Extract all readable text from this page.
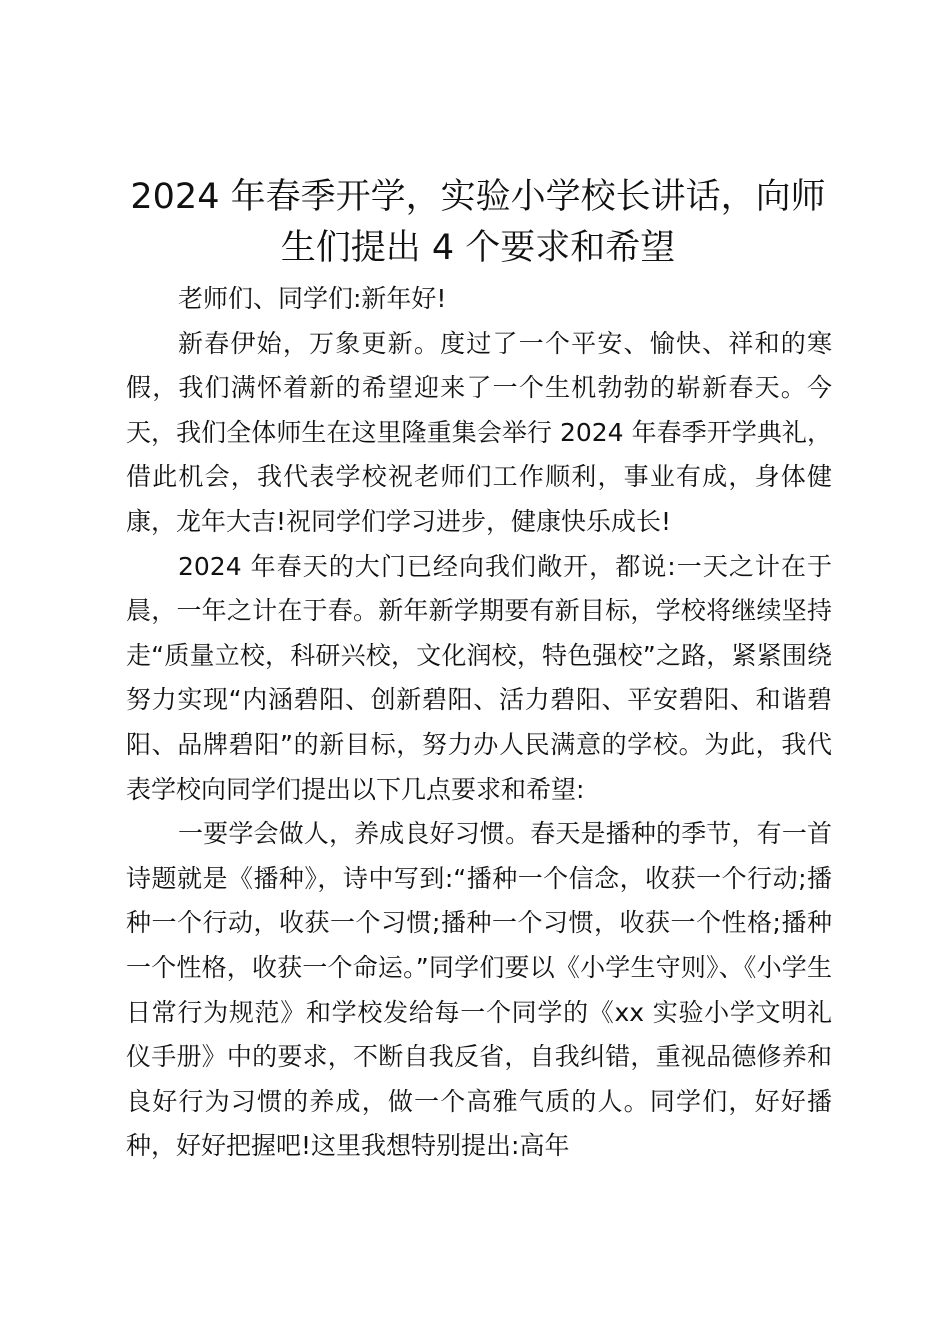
2024 年春季开学，实验小学校长讲话，向师生们提出 4 个要求和希望

老师们、同学们:新年好!

新春伊始，万象更新。度过了一个平安、愉快、祥和的寒假，我们满怀着新的希望迎来了一个生机勃勃的崭新春天。今天，我们全体师生在这里隆重集会举行 2024 年春季开学典礼，借此机会，我代表学校祝老师们工作顺利，事业有成，身体健康，龙年大吉!祝同学们学习进步，健康快乐成长!

2024 年春天的大门已经向我们敞开，都说:一天之计在于晨，一年之计在于春。新年新学期要有新目标，学校将继续坚持走“质量立校，科研兴校，文化润校，特色强校”之路，紧紧围绕努力实现“内涵碧阳、创新碧阳、活力碧阳、平安碧阳、和谐碧阳、品牌碧阳”的新目标，努力办人民满意的学校。为此，我代表学校向同学们提出以下几点要求和希望:

一要学会做人，养成良好习惯。春天是播种的季节，有一首诗题就是《播种》，诗中写到:“播种一个信念，收获一个行动;播种一个行动，收获一个习惯;播种一个习惯，收获一个性格;播种一个性格，收获一个命运。”同学们要以《小学生守则》、《小学生日常行为规范》和学校发给每一个同学的《xx 实验小学文明礼仪手册》中的要求，不断自我反省，自我纠错，重视品德修养和良好行为习惯的养成，做一个高雅气质的人。同学们，好好播种，好好把握吧!这里我想特别提出:高年
